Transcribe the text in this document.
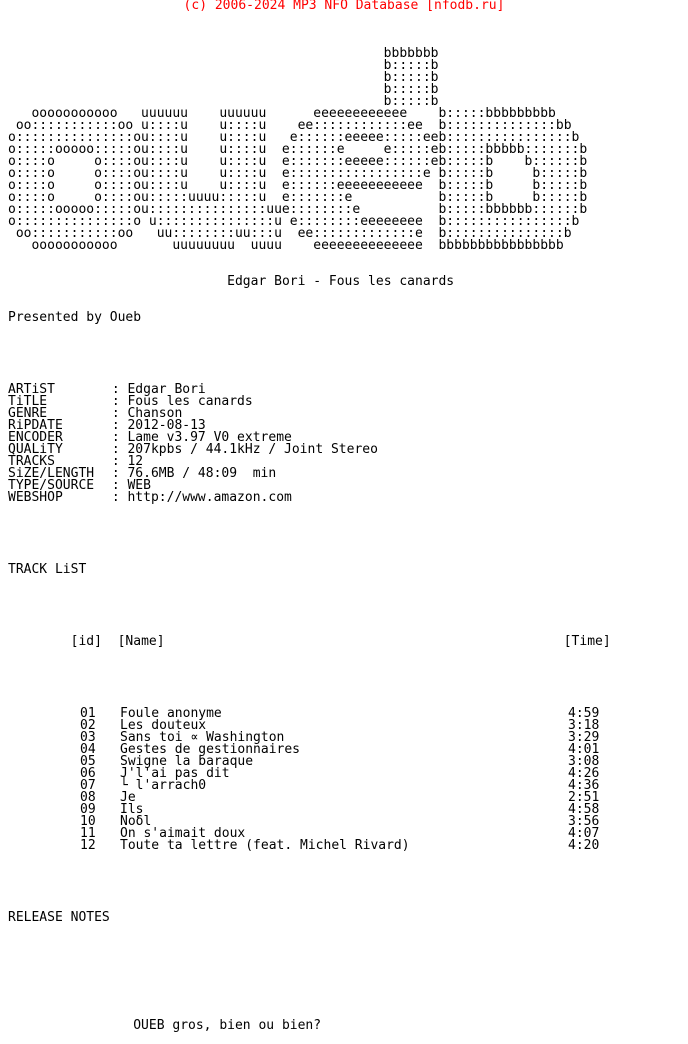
(c) 2006-2024 MP3 NFO Database [nfodb.ru]

bbbbbbb
b:::::b
b:::::b
b:::::b
b:::::b
ooooooooooo   uuuuuu    uuuuuu      eeeeeeeeeeee    b:::::bbbbbbbbb
oo:::::::::::oo u::::u    u::::u    ee::::::::::::ee  b::::::::::::::bb
o:::::::::::::::ou::::u    u::::u   e::::::eeeee:::::eeb::::::::::::::::b
o:::::ooooo:::::ou::::u    u::::u  e::::::e     e:::::eb:::::bbbbb:::::::b
o::::o     o::::ou::::u    u::::u  e:::::::eeeee::::::eb:::::b    b::::::b
o::::o     o::::ou::::u    u::::u  e:::::::::::::::::e b:::::b     b:::::b
o::::o     o::::ou::::u    u::::u  e::::::eeeeeeeeeee  b:::::b     b:::::b
o::::o     o::::ou:::::uuuu:::::u  e:::::::e           b:::::b     b:::::b
o:::::ooooo:::::ou:::::::::::::::uue::::::::e          b:::::bbbbbb::::::b
o:::::::::::::::o u:::::::::::::::u e::::::::eeeeeeee  b::::::::::::::::b
oo:::::::::::oo   uu::::::::uu:::u  ee:::::::::::::e  b:::::::::::::::b
ooooooooooo       uuuuuuuu  uuuu    eeeeeeeeeeeeee  bbbbbbbbbbbbbbbb

Edgar Bori - Fous les canards

Presented by Oueb

ARTiST	: Edgar Bori
TiTLE	: Fous les canards
GENRE	: Chanson
RiPDATE	: 2012-08-13
ENCODER	: Lame v3.97 V0 extreme
QUALiTY	: 207kpbs / 44.1kHz / Joint Stereo
TRACKS	: 12
SiZE/LENGTH : 76.6MB / 48:09  min
TYPE/SOURCE : WEB
WEBSHOP	: http://www.amazon.com

TRACK LiST

[id] [Name]	[Time]

01 Foule anonyme	4:59
02 Les douteux	3:18
03 Sans toi ∝ Washington	3:29
04 Gestes de gestionnaires	4:01
05 Swigne la baraque	3:08
06 J'l'ai pas dit	4:26
07 └ l'arrach0	4:36
08 Je	2:51
09 Ils	4:58
10 Noδl	3:56
11 On s'aimait doux	4:07
12 Toute ta lettre (feat. Michel Rivard)	4:20

RELEASE NOTES

OUEB gros, bien ou bien?
